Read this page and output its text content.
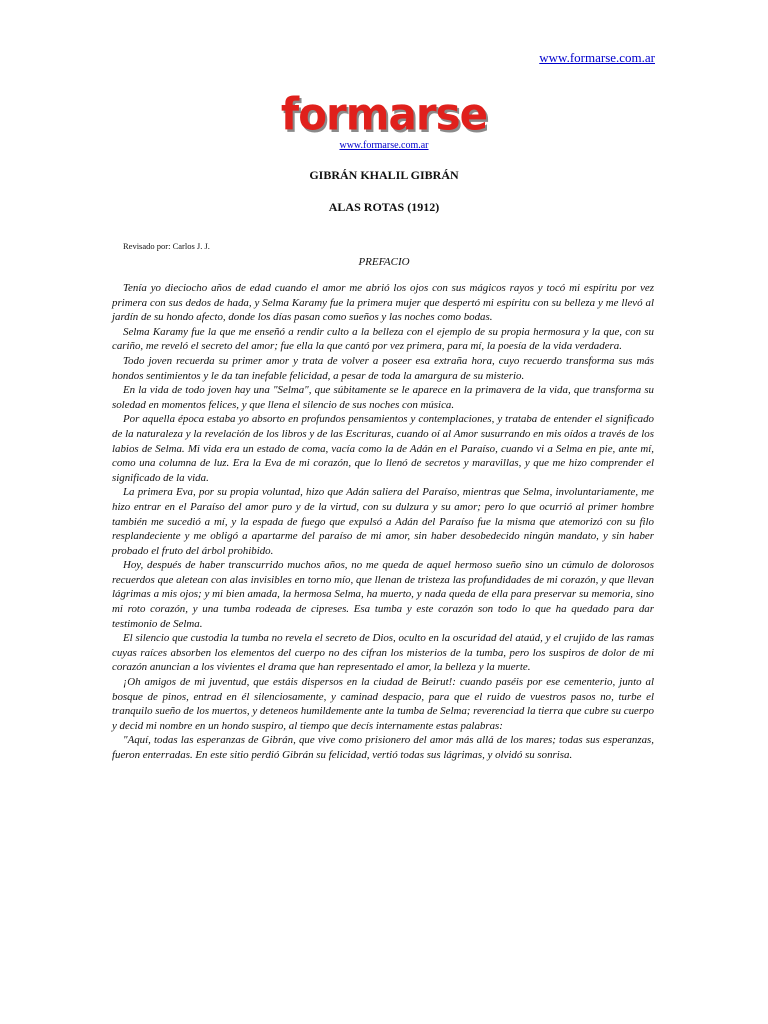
www.formarse.com.ar
formarse
www.formarse.com.ar
GIBRÁN KHALIL GIBRÁN
ALAS ROTAS (1912)
Revisado por: Carlos J. J.
PREFACIO

Tenía yo dieciocho años de edad cuando el amor me abrió los ojos con sus mágicos rayos y tocó mi espíritu por vez primera con sus dedos de hada, y Selma Karamy fue la primera mujer que despertó mi espíritu con su belleza y me llevó al jardín de su hondo afecto, donde los días pasan como sueños y las noches como bodas.

Selma Karamy fue la que me enseñó a rendir culto a la belleza con el ejemplo de su propia hermosura y la que, con su cariño, me reveló el secreto del amor; fue ella la que cantó por vez primera, para mí, la poesía de la vida verdadera.

Todo joven recuerda su primer amor y trata de volver a poseer esa extraña hora, cuyo recuerdo transforma sus más hondos sentimientos y le da tan inefable felicidad, a pesar de toda la amargura de su misterio.

En la vida de todo joven hay una "Selma", que súbitamente se le aparece en la primavera de la vida, que transforma su soledad en momentos felices, y que llena el silencio de sus noches con música.

Por aquella época estaba yo absorto en profundos pensamientos y contemplaciones, y trataba de entender el significado de la naturaleza y la revelación de los libros y de las Escrituras, cuando oí al Amor susurrando en mis oídos a través de los labios de Selma. Mi vida era un estado de coma, vacía como la de Adán en el Paraíso, cuando vi a Selma en pie, ante mí, como una columna de luz. Era la Eva de mi corazón, que lo llenó de secretos y maravillas, y que me hizo comprender el significado de la vida.

La primera Eva, por su propia voluntad, hizo que Adán saliera del Paraíso, mientras que Selma, involuntariamente, me hizo entrar en el Paraíso del amor puro y de la virtud, con su dulzura y su amor; pero lo que ocurrió al primer hombre también me sucedió a mí, y la espada de fuego que expulsó a Adán del Paraíso fue la misma que atemorizó con su filo resplandeciente y me obligó a apartarme del paraíso de mi amor, sin haber desobedecido ningún mandato, y sin haber probado el fruto del árbol prohibido.

Hoy, después de haber transcurrido muchos años, no me queda de aquel hermoso sueño sino un cúmulo de dolorosos recuerdos que aletean con alas invisibles en torno mío, que llenan de tristeza las profundidades de mi corazón, y que llevan lágrimas a mis ojos; y mi bien amada, la hermosa Selma, ha muerto, y nada queda de ella para preservar su memoria, sino mi roto corazón, y una tumba rodeada de cipreses. Esa tumba y este corazón son todo lo que ha quedado para dar testimonio de Selma.

El silencio que custodia la tumba no revela el secreto de Dios, oculto en la oscuridad del ataúd, y el crujido de las ramas cuyas raíces absorben los elementos del cuerpo no des cifran los misterios de la tumba, pero los suspiros de dolor de mi corazón anuncian a los vivientes el drama que han representado el amor, la belleza y la muerte.

¡Oh amigos de mi juventud, que estáis dispersos en la ciudad de Beirut!: cuando paséis por ese cementerio, junto al bosque de pinos, entrad en él silenciosamente, y caminad despacio, para que el ruido de vuestros pasos no, turbe el tranquilo sueño de los muertos, y deteneos humildemente ante la tumba de Selma; reverenciad la tierra que cubre su cuerpo y decid mi nombre en un hondo suspiro, al tiempo que decís internamente estas palabras:

"Aquí, todas las esperanzas de Gibrán, que vive como prisionero del amor más allá de los mares; todas sus esperanzas, fueron enterradas. En este sitio perdió Gibrán su felicidad, vertió todas sus lágrimas, y olvidó su sonrisa.
